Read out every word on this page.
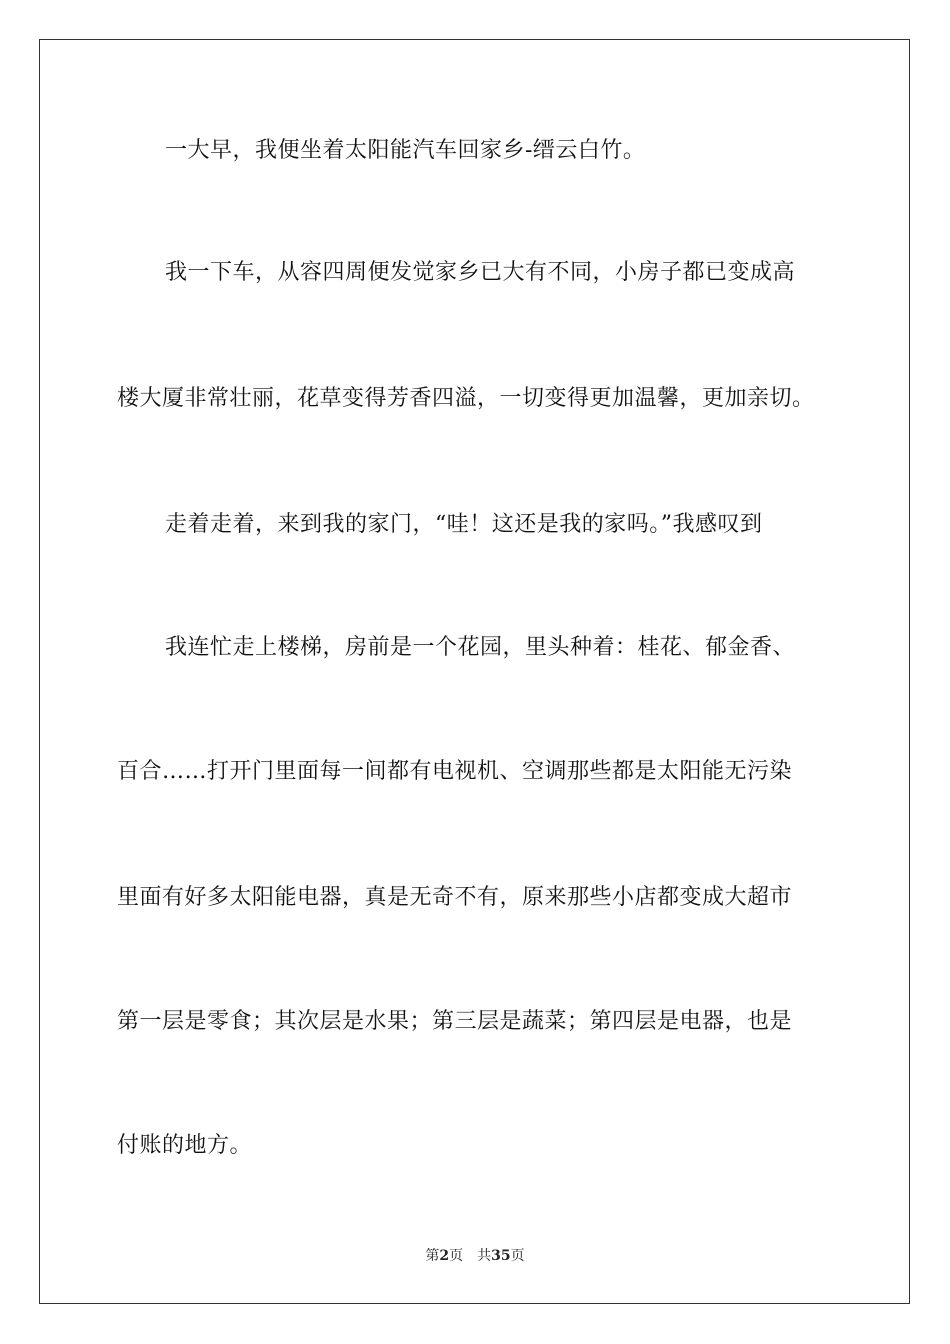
一大早，我便坐着太阳能汽车回家乡-缙云白竹。
我一下车，从容四周便发觉家乡已大有不同，小房子都已变成高
楼大厦非常壮丽，花草变得芳香四溢，一切变得更加温馨，更加亲切。
走着走着，来到我的家门，“哇！这还是我的家吗。”我感叹到
我连忙走上楼梯，房前是一个花园，里头种着：桂花、郁金香、
百合……打开门里面每一间都有电视机、空调那些都是太阳能无污染
里面有好多太阳能电器，真是无奇不有，原来那些小店都变成大超市
第一层是零食；其次层是水果；第三层是蔬菜；第四层是电器，也是
付账的地方。
第2页 共35页
